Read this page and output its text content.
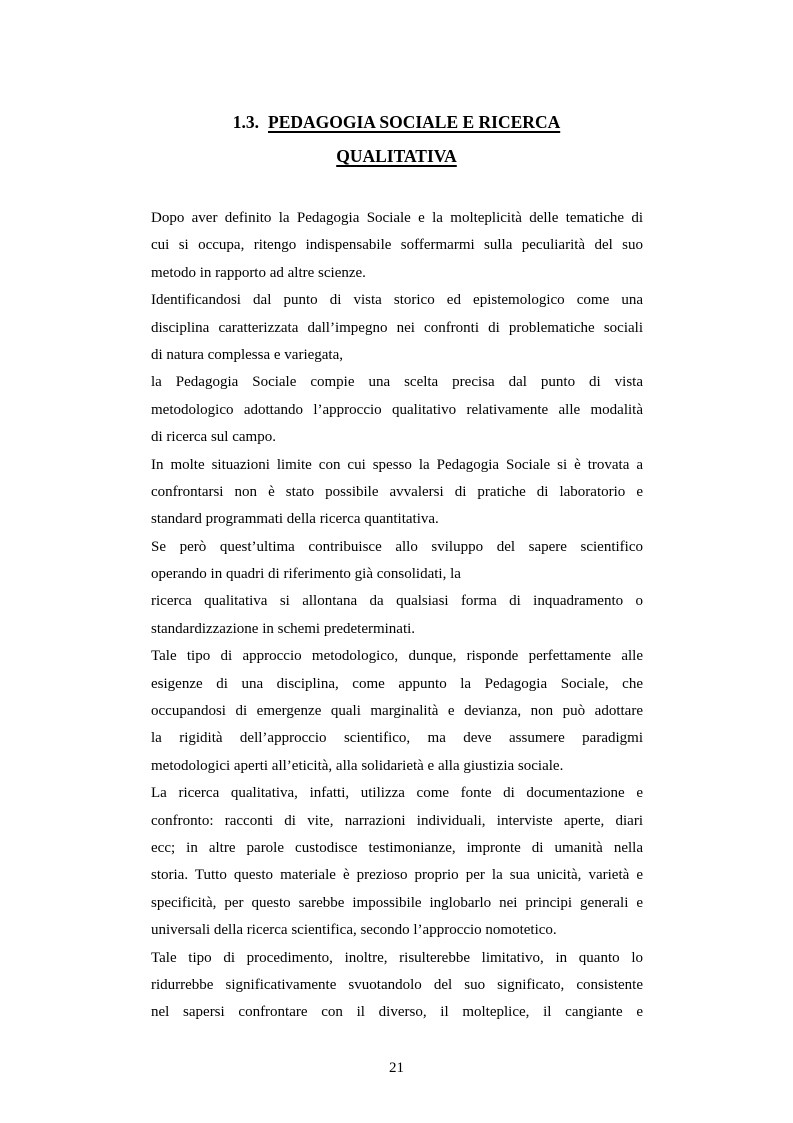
1.3. PEDAGOGIA SOCIALE E RICERCA
QUALITATIVA
Dopo aver definito la Pedagogia Sociale e la molteplicità delle tematiche di
cui si occupa, ritengo indispensabile soffermarmi sulla peculiarità del suo
metodo in rapporto ad altre scienze.
Identificandosi dal punto di vista storico ed epistemologico come una
disciplina caratterizzata dall’impegno nei confronti di problematiche sociali
di natura complessa e variegata,
la Pedagogia Sociale compie una scelta precisa dal punto di vista
metodologico adottando l’approccio qualitativo relativamente alle modalità
di ricerca sul campo.
In molte situazioni limite con cui spesso la Pedagogia Sociale si è trovata a
confrontarsi non è stato possibile avvalersi di pratiche di laboratorio e
standard programmati della ricerca quantitativa.
Se però quest’ultima contribuisce allo sviluppo del sapere scientifico
operando in quadri di riferimento già consolidati, la
ricerca qualitativa si allontana da qualsiasi forma di inquadramento o
standardizzazione in schemi predeterminati.
Tale tipo di approccio metodologico, dunque, risponde perfettamente alle
esigenze di una disciplina, come appunto la Pedagogia Sociale, che
occupandosi di emergenze quali marginalità e devianza, non può adottare
la rigidità dell’approccio scientifico, ma deve assumere paradigmi
metodologici aperti all’eticità, alla solidarietà e alla giustizia sociale.
La ricerca qualitativa, infatti, utilizza come fonte di documentazione e
confronto: racconti di vite, narrazioni individuali, interviste aperte, diari
ecc; in altre parole custodisce testimonianze, impronte di umanità nella
storia. Tutto questo materiale è prezioso proprio per la sua unicità, varietà e
specificità, per questo sarebbe impossibile inglobarlo nei principi generali e
universali della ricerca scientifica, secondo l’approccio nomotetico.
Tale tipo di procedimento, inoltre, risulterebbe limitativo, in quanto lo
ridurrebbe significativamente svuotandolo del suo significato, consistente
nel sapersi confrontare con il diverso, il molteplice, il cangiante e
21
